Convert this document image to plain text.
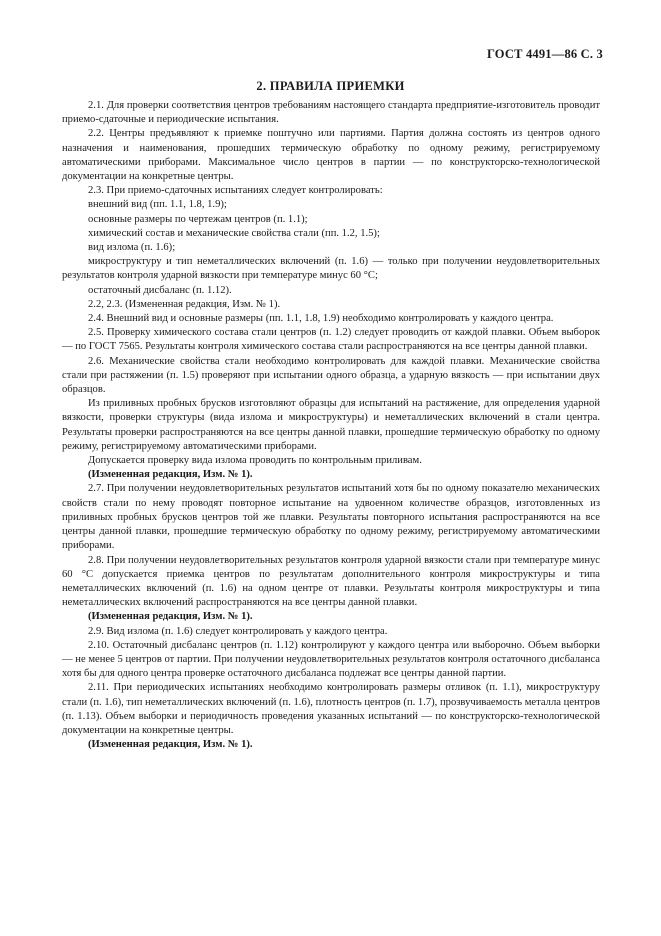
ГОСТ 4491—86 С. 3
2. ПРАВИЛА ПРИЕМКИ

2.1. Для проверки соответствия центров требованиям настоящего стандарта предприятие-изготовитель проводит приемо-сдаточные и периодические испытания.

2.2. Центры предъявляют к приемке поштучно или партиями. Партия должна состоять из центров одного назначения и наименования, прошедших термическую обработку по одному режиму, регистрируемому автоматическими приборами. Максимальное число центров в партии — по конструкторско-технологической документации на конкретные центры.

2.3. При приемо-сдаточных испытаниях следует контролировать:

внешний вид (пп. 1.1, 1.8, 1.9);

основные размеры по чертежам центров (п. 1.1);

химический состав и механические свойства стали (пп. 1.2, 1.5);

вид излома (п. 1.6);

микроструктуру и тип неметаллических включений (п. 1.6) — только при получении неудовлетворительных результатов контроля ударной вязкости при температуре минус 60 °С;

остаточный дисбаланс (п. 1.12).

2.2, 2.3. (Измененная редакция, Изм. № 1).

2.4. Внешний вид и основные размеры (пп. 1.1, 1.8, 1.9) необходимо контролировать у каждого центра.

2.5. Проверку химического состава стали центров (п. 1.2) следует проводить от каждой плавки. Объем выборок — по ГОСТ 7565. Результаты контроля химического состава стали распространяются на все центры данной плавки.

2.6. Механические свойства стали необходимо контролировать для каждой плавки. Механические свойства стали при растяжении (п. 1.5) проверяют при испытании одного образца, а ударную вязкость — при испытании двух образцов.

Из приливных пробных брусков изготовляют образцы для испытаний на растяжение, для определения ударной вязкости, проверки структуры (вида излома и микроструктуры) и неметаллических включений в стали центра. Результаты проверки распространяются на все центры данной плавки, прошедшие термическую обработку по одному режиму, регистрируемому автоматическими приборами.

Допускается проверку вида излома проводить по контрольным приливам.

(Измененная редакция, Изм. № 1).

2.7. При получении неудовлетворительных результатов испытаний хотя бы по одному показателю механических свойств стали по нему проводят повторное испытание на удвоенном количестве образцов, изготовленных из приливных пробных брусков центров той же плавки. Результаты повторного испытания распространяются на все центры данной плавки, прошедшие термическую обработку по одному режиму, регистрируемому автоматическими приборами.

2.8. При получении неудовлетворительных результатов контроля ударной вязкости стали при температуре минус 60 °С допускается приемка центров по результатам дополнительного контроля микроструктуры и типа неметаллических включений (п. 1.6) на одном центре от плавки. Результаты контроля микроструктуры и типа неметаллических включений распространяются на все центры данной плавки.

(Измененная редакция, Изм. № 1).

2.9. Вид излома (п. 1.6) следует контролировать у каждого центра.

2.10. Остаточный дисбаланс центров (п. 1.12) контролируют у каждого центра или выборочно. Объем выборки — не менее 5 центров от партии. При получении неудовлетворительных результатов контроля остаточного дисбаланса хотя бы для одного центра проверке остаточного дисбаланса подлежат все центры данной партии.

2.11. При периодических испытаниях необходимо контролировать размеры отливок (п. 1.1), микроструктуру стали (п. 1.6), тип неметаллических включений (п. 1.6), плотность центров (п. 1.7), прозвучиваемость металла центров (п. 1.13). Объем выборки и периодичность проведения указанных испытаний — по конструкторско-технологической документации на конкретные центры.

(Измененная редакция, Изм. № 1).
